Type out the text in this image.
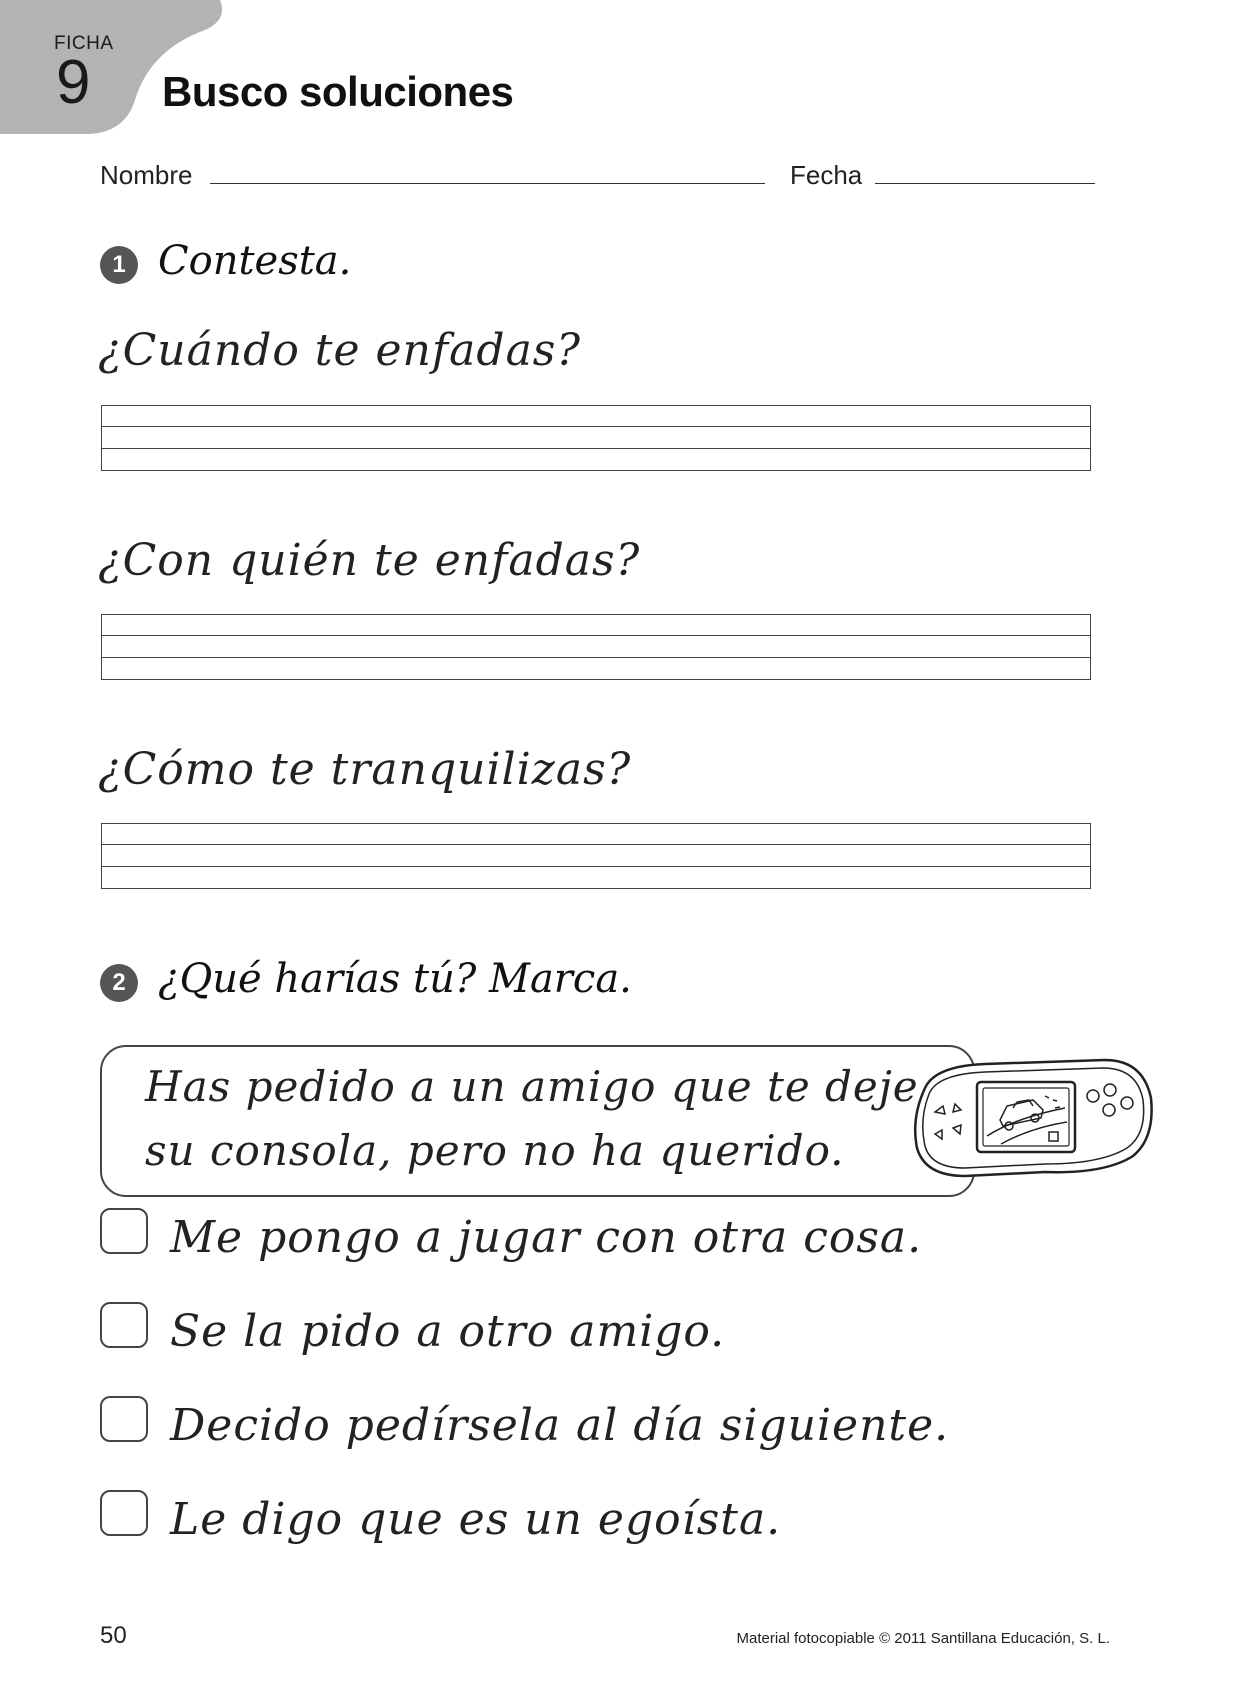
FICHA
9 Busco soluciones
Nombre	Fecha
1 Contesta.
¿Cuándo te enfadas?
¿Con quién te enfadas?
¿Cómo te tranquilizas?
2 ¿Qué harías tú? Marca.
Has pedido a un amigo que te deje
su consola, pero no ha querido.
Me pongo a jugar con otra cosa.
Se la pido a otro amigo.
Decido pedírsela al día siguiente.
Le digo que es un egoísta.
50	Material fotocopiable © 2011 Santillana Educación, S. L.
